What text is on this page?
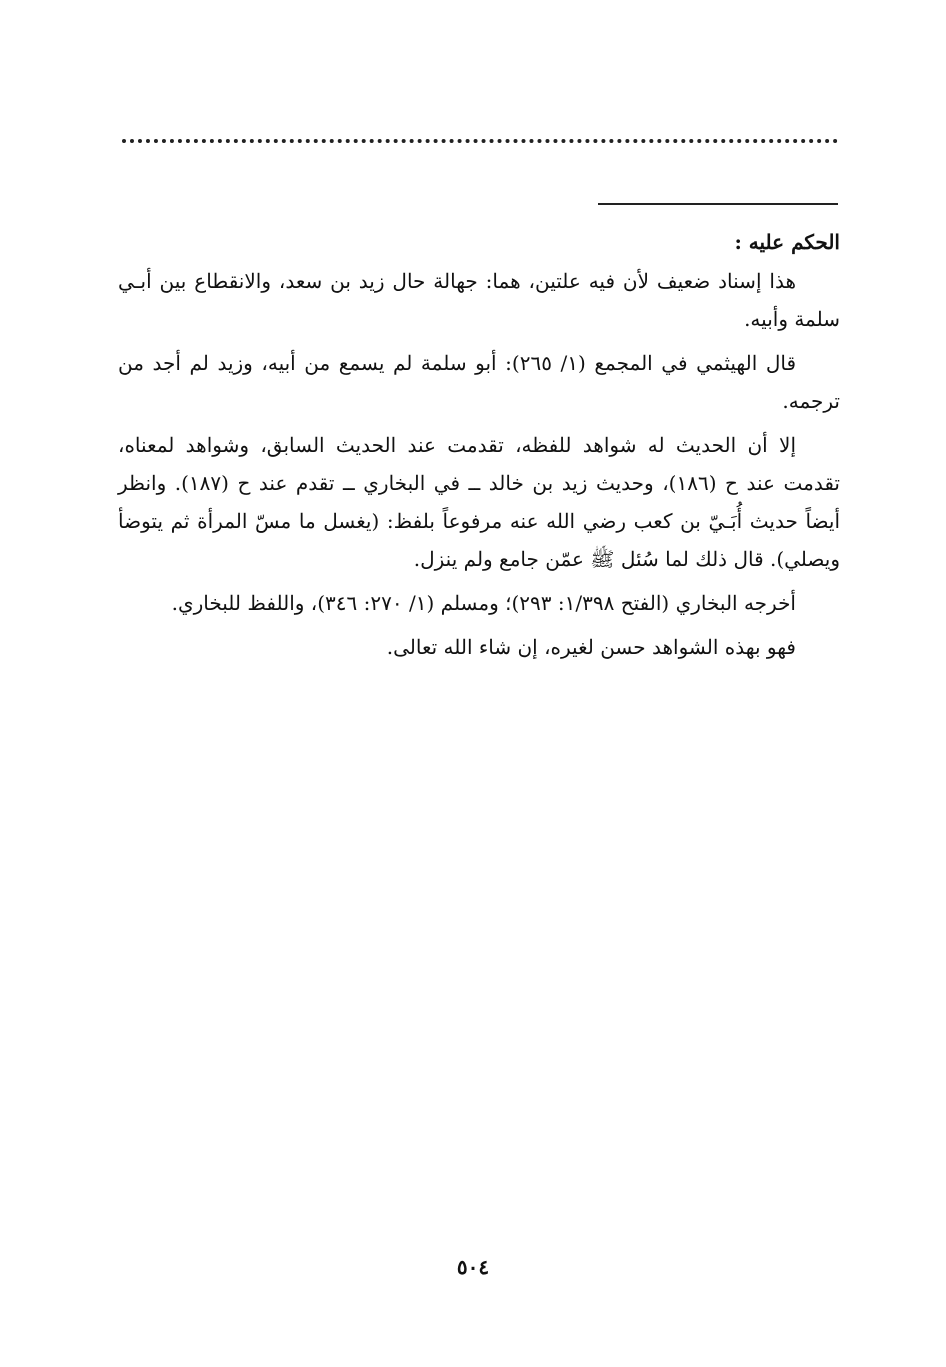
الحكم عليه :

هذا إسناد ضعيف لأن فيه علتين، هما: جهالة حال زيد بن سعد، والانقطاع بين أبـي سلمة وأبيه.

قال الهيثمي في المجمع (١/ ٢٦٥): أبو سلمة لم يسمع من أبيه، وزيد لم أجد من ترجمه.

إلا أن الحديث له شواهد للفظه، تقدمت عند الحديث السابق، وشواهد لمعناه، تقدمت عند ح (١٨٦)، وحديث زيد بن خالد ــ في البخاري ــ تقدم عند ح (١٨٧). وانظر أيضاً حديث أُبَـيّ بن كعب رضي الله عنه مرفوعاً بلفظ: (يغسل ما مسّ المرأة ثم يتوضأ ويصلي). قال ذلك لما سُئل ﷺ عمّن جامع ولم ينزل.

أخرجه البخاري (الفتح ١/٣٩٨: ٢٩٣)؛ ومسلم (١/ ٢٧٠: ٣٤٦)، واللفظ للبخاري.

فهو بهذه الشواهد حسن لغيره، إن شاء الله تعالى.

٥٠٤
